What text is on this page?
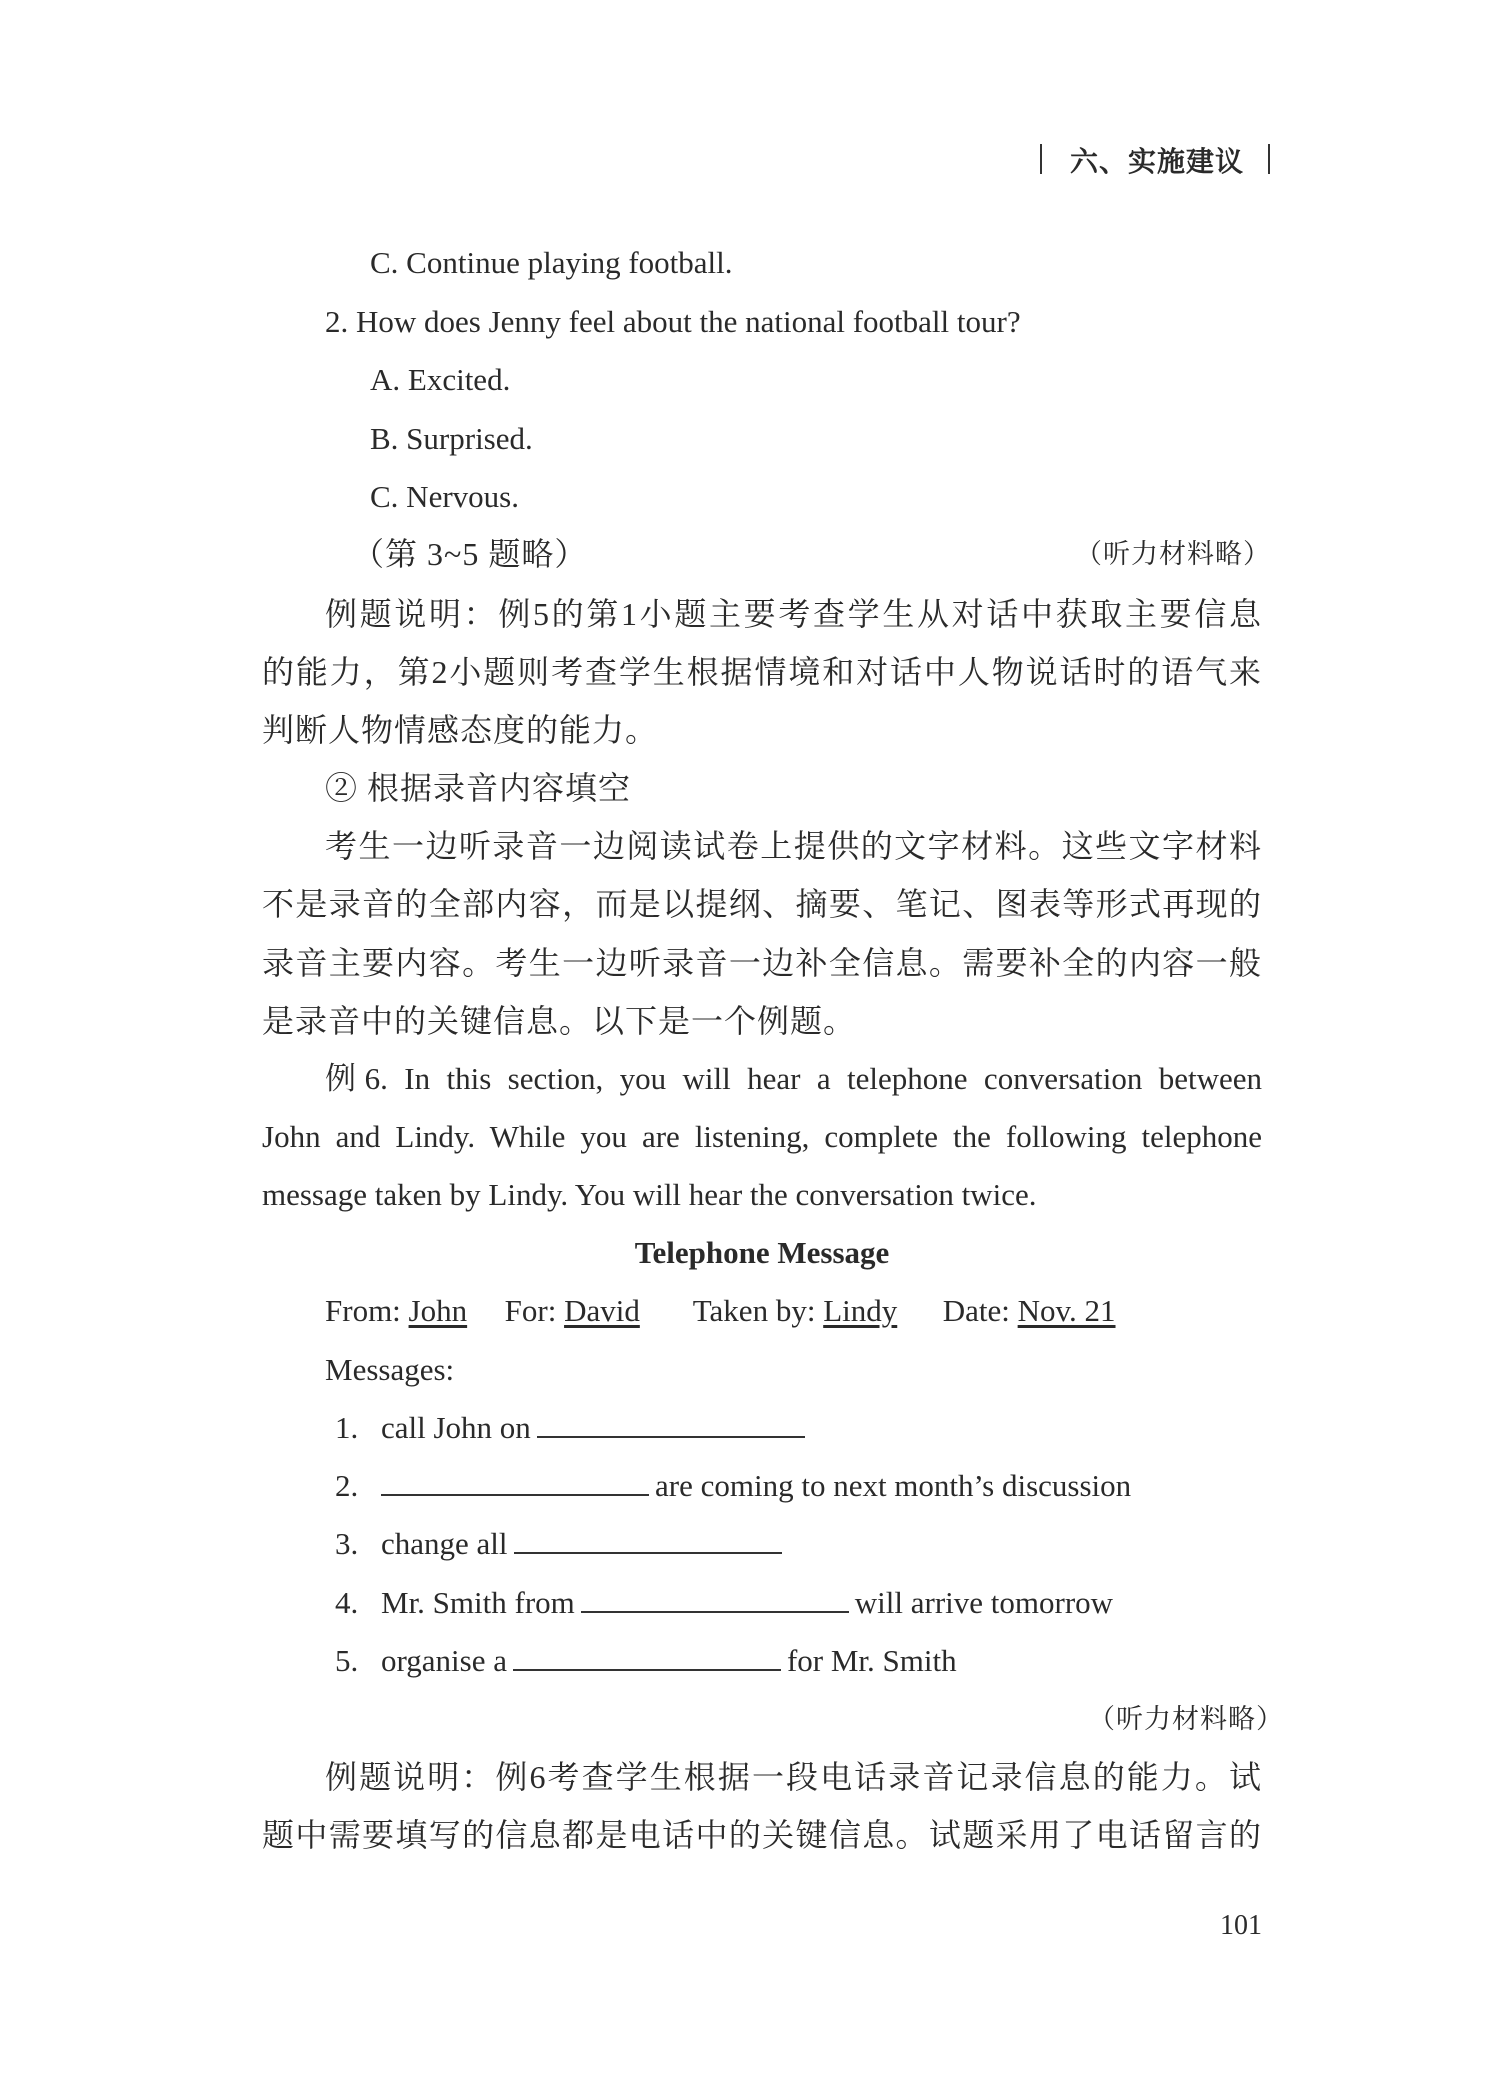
六、实施建议
C. Continue playing football.
2. How does Jenny feel about the national football tour?
A. Excited.
B. Surprised.
C. Nervous.
（第 3~5 题略）	（听力材料略）
例题说明：例5的第1小题主要考查学生从对话中获取主要信息
的能力，第2小题则考查学生根据情境和对话中人物说话时的语气来
判断人物情感态度的能力。
② 根据录音内容填空
考生一边听录音一边阅读试卷上提供的文字材料。这些文字材料
不是录音的全部内容，而是以提纲、摘要、笔记、图表等形式再现的
录音主要内容。考生一边听录音一边补全信息。需要补全的内容一般
是录音中的关键信息。以下是一个例题。
例6. In this section, you will hear a telephone conversation between
John and Lindy. While you are listening, complete the following telephone
message taken by Lindy. You will hear the conversation twice.
Telephone Message
From: John For: David Taken by: Lindy Date: Nov. 21
Messages:
1. call John on
2.	are coming to next month’s discussion
3. change all
4. Mr. Smith from	will arrive tomorrow
5. organise a	for Mr. Smith
（听力材料略）
例题说明：例6考查学生根据一段电话录音记录信息的能力。试
题中需要填写的信息都是电话中的关键信息。试题采用了电话留言的
101
